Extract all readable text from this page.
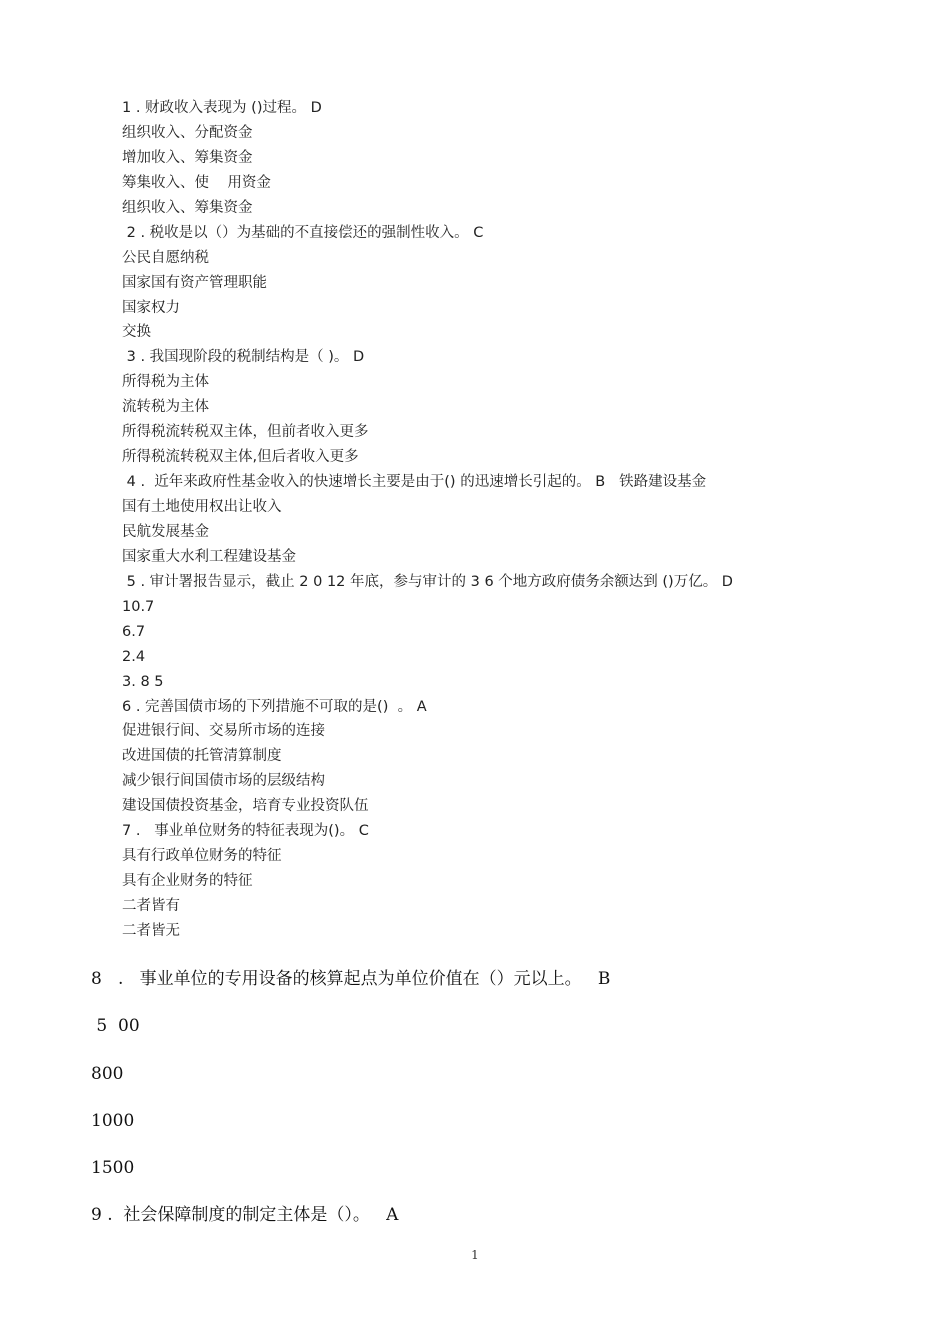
1 . 财政收入表现为 ()过程。 D
组织收入、分配资金
增加收入、筹集资金
筹集收入、使    用资金
组织收入、筹集资金
2 . 税收是以（）为基础的不直接偿还的强制性收入。 C
公民自愿纳税
国家国有资产管理职能
国家权力
交换
3 . 我国现阶段的税制结构是（ )。 D
所得税为主体
流转税为主体
所得税流转税双主体，但前者收入更多
所得税流转税双主体,但后者收入更多
4 .  近年来政府性基金收入的快速增长主要是由于() 的迅速增长引起的。 B   铁路建设基金
国有土地使用权出让收入
民航发展基金
国家重大水利工程建设基金
5 . 审计署报告显示，截止 2 0 12 年底，参与审计的 3 6 个地方政府债务余额达到 ()万亿。 D
10.7
6.7
2.4
3. 8 5
6 . 完善国债市场的下列措施不可取的是()  。 A
促进银行间、交易所市场的连接
改进国债的托管清算制度
减少银行间国债市场的层级结构
建设国债投资基金，培育专业投资队伍
7 .   事业单位财务的特征表现为()。 C
具有行政单位财务的特征
具有企业财务的特征
二者皆有
二者皆无
8   .   事业单位的专用设备的核算起点为单位价值在（）元以上。   B
5  00
800
1000
1500
9 .  社会保障制度的制定主体是（）。   A
1
